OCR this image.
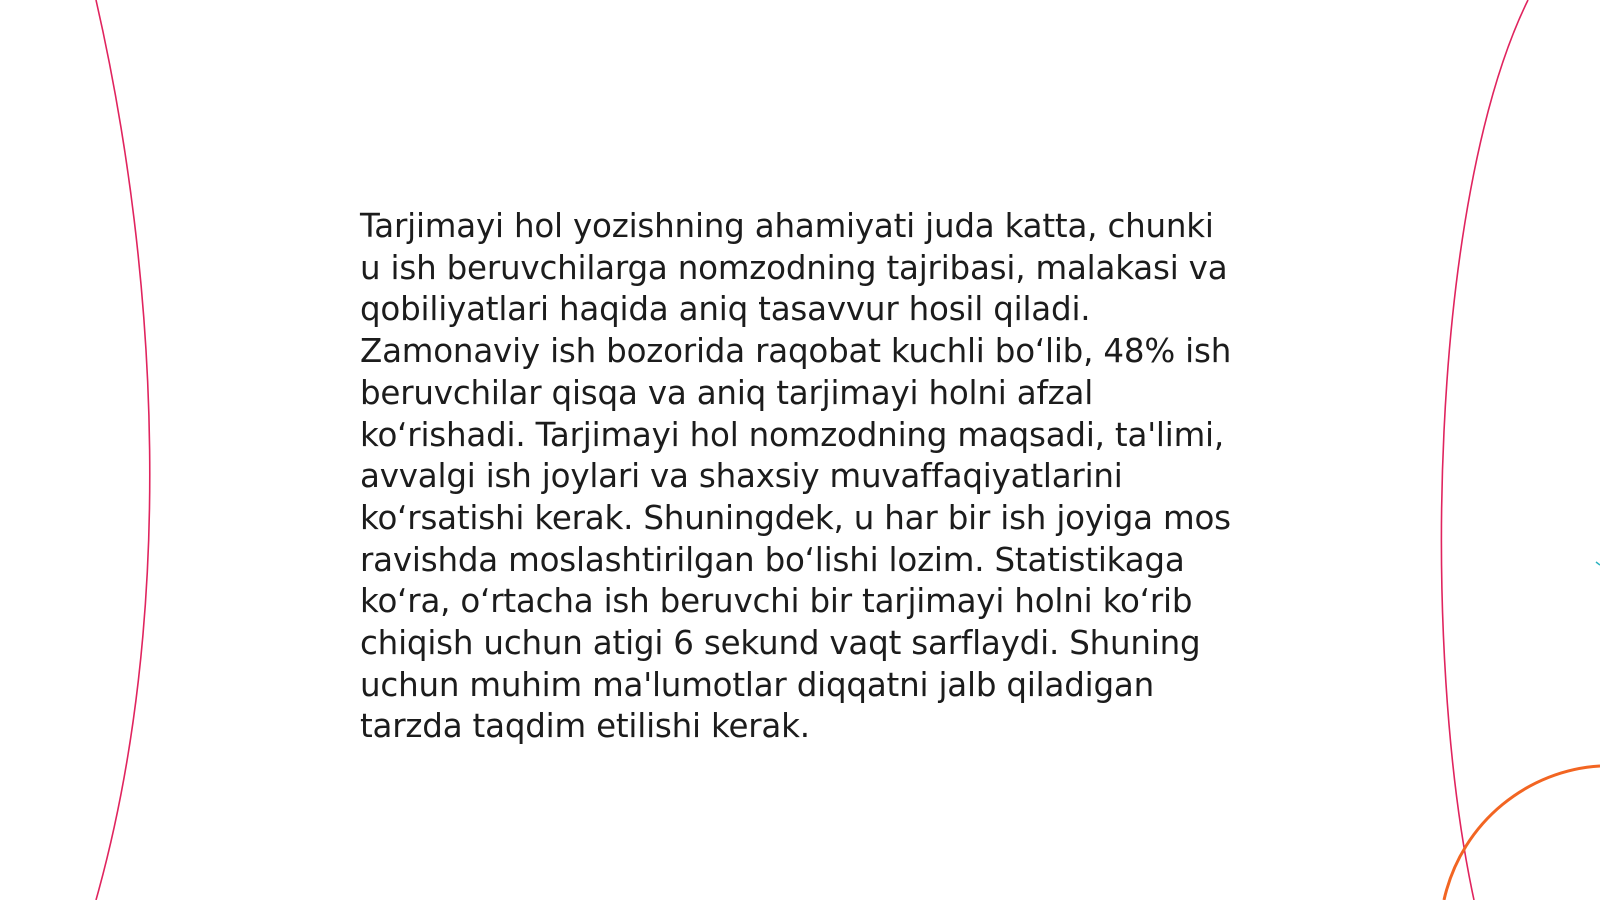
Tarjimayi hol yozishning ahamiyati juda katta, chunki u ish beruvchilarga nomzodning tajribasi, malakasi va qobiliyatlari haqida aniq tasavvur hosil qiladi. Zamonaviy ish bozorida raqobat kuchli bo‘lib, 48% ish beruvchilar qisqa va aniq tarjimayi holni afzal ko‘rishadi. Tarjimayi hol nomzodning maqsadi, ta'limi, avvalgi ish joylari va shaxsiy muvaffaqiyatlarini ko‘rsatishi kerak. Shuningdek, u har bir ish joyiga mos ravishda moslashtirilgan bo‘lishi lozim. Statistikaga ko‘ra, o‘rtacha ish beruvchi bir tarjimayi holni ko‘rib chiqish uchun atigi 6 sekund vaqt sarflaydi. Shuning uchun muhim ma'lumotlar diqqatni jalb qiladigan tarzda taqdim etilishi kerak.
